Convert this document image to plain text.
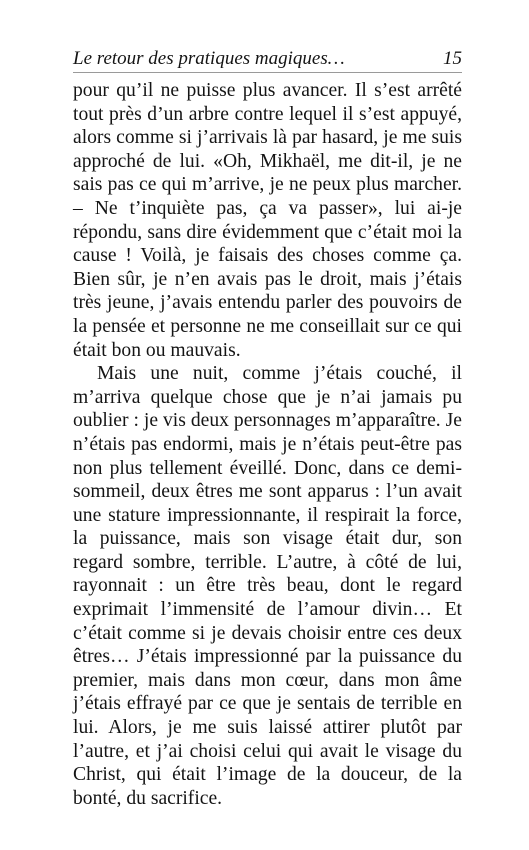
Le retour des pratiques magiques…	15

pour qu’il ne puisse plus avancer. Il s’est arrêté tout près d’un arbre contre lequel il s’est appuyé, alors comme si j’arrivais là par hasard, je me suis approché de lui. «Oh, Mikhaël, me dit-il, je ne sais pas ce qui m’arrive, je ne peux plus marcher. – Ne t’inquiète pas, ça va passer», lui ai-je répondu, sans dire évidemment que c’était moi la cause ! Voilà, je faisais des choses comme ça. Bien sûr, je n’en avais pas le droit, mais j’étais très jeune, j’avais entendu parler des pouvoirs de la pensée et personne ne me conseillait sur ce qui était bon ou mauvais.

Mais une nuit, comme j’étais couché, il m’arriva quelque chose que je n’ai jamais pu oublier : je vis deux personnages m’apparaître. Je n’étais pas endormi, mais je n’étais peut-être pas non plus tellement éveillé. Donc, dans ce demi-sommeil, deux êtres me sont apparus : l’un avait une stature impressionnante, il respirait la force, la puissance, mais son visage était dur, son regard sombre, terrible. L’autre, à côté de lui, rayonnait : un être très beau, dont le regard exprimait l’immensité de l’amour divin… Et c’était comme si je devais choisir entre ces deux êtres… J’étais impressionné par la puissance du premier, mais dans mon cœur, dans mon âme j’étais effrayé par ce que je sentais de terrible en lui. Alors, je me suis laissé attirer plutôt par l’autre, et j’ai choisi celui qui avait le visage du Christ, qui était l’image de la douceur, de la bonté, du sacrifice.
